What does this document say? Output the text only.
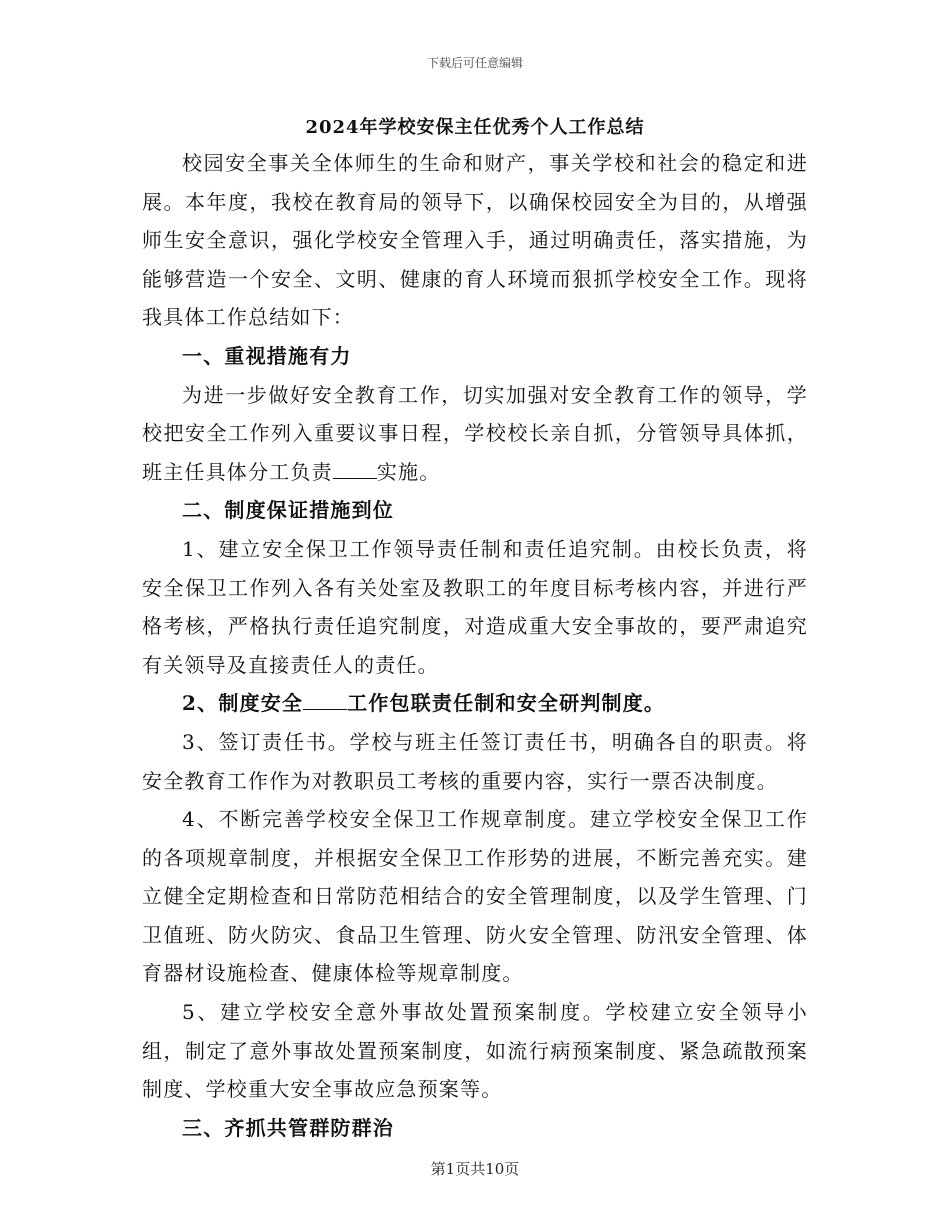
下载后可任意编辑
2024年学校安保主任优秀个人工作总结

校园安全事关全体师生的生命和财产，事关学校和社会的稳定和进展。本年度，我校在教育局的领导下，以确保校园安全为目的，从增强师生安全意识，强化学校安全管理入手，通过明确责任，落实措施，为能够营造一个安全、文明、健康的育人环境而狠抓学校安全工作。现将我具体工作总结如下：

一、重视措施有力

为进一步做好安全教育工作，切实加强对安全教育工作的领导，学校把安全工作列入重要议事日程，学校校长亲自抓，分管领导具体抓，班主任具体分工负责 实施。

二、制度保证措施到位

1、建立安全保卫工作领导责任制和责任追究制。由校长负责，将安全保卫工作列入各有关处室及教职工的年度目标考核内容，并进行严格考核，严格执行责任追究制度，对造成重大安全事故的，要严肃追究有关领导及直接责任人的责任。

2、制度安全 工作包联责任制和安全研判制度。

3、签订责任书。学校与班主任签订责任书，明确各自的职责。将安全教育工作作为对教职员工考核的重要内容，实行一票否决制度。

4、不断完善学校安全保卫工作规章制度。建立学校安全保卫工作的各项规章制度，并根据安全保卫工作形势的进展，不断完善充实。建立健全定期检查和日常防范相结合的安全管理制度，以及学生管理、门卫值班、防火防灾、食品卫生管理、防火安全管理、防汛安全管理、体育器材设施检查、健康体检等规章制度。

5、建立学校安全意外事故处置预案制度。学校建立安全领导小组，制定了意外事故处置预案制度，如流行病预案制度、紧急疏散预案制度、学校重大安全事故应急预案等。

三、齐抓共管群防群治

第1页共10页
